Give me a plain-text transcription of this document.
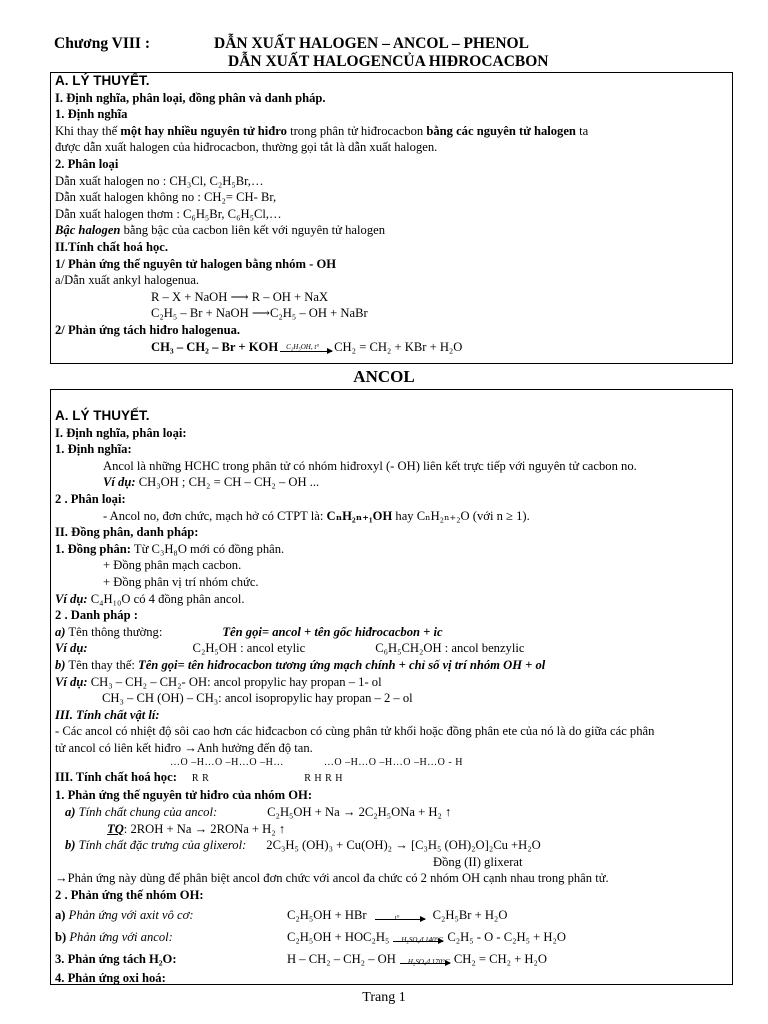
Chương VIII :	DẪN XUẤT HALOGEN – ANCOL – PHENOL
DẪN XUẤT HALOGENCỦA HIĐROCACBON
A. LÝ THUYẾT.
I. Định nghĩa, phân loại, đồng phân và danh pháp.
1. Định nghĩa
Khi thay thế một hay nhiều nguyên tử hiđro trong phân tử hiđrocacbon bằng các nguyên tử halogen ta
được dẫn xuất halogen của hiđrocacbon, thường gọi tắt là dẫn xuất halogen.
2. Phân loại
Dẫn xuất halogen no : CH₃Cl, C₂H₅Br,…
Dẫn xuất halogen không no : CH₂= CH- Br,
Dẫn xuất halogen thơm : C₆H₅Br, C₆H₅Cl,…
Bậc halogen bằng bậc của cacbon liên kết với nguyên tử halogen
II.Tính chất hoá học.
1/ Phản ứng thế nguyên tử halogen bằng nhóm - OH
a/Dẫn xuất ankyl halogenua.
R – X + NaOH ⟶ R – OH + NaX
C₂H₅ – Br + NaOH ⟶C₂H₅ – OH + NaBr
2/ Phản ứng tách hiđro halogenua.
CH₃ – CH₂ – Br + KOH C₂H₅OH, t° CH₂ = CH₂ + KBr + H₂O
ANCOL
A. LÝ THUYẾT.
I. Định nghĩa, phân loại:
1. Định nghĩa:
Ancol là những HCHC trong phân tử có nhóm hiđroxyl (- OH) liên kết trực tiếp với nguyên tử cacbon no.
Ví dụ: CH₃OH ; CH₂ = CH – CH₂ – OH ...
2 . Phân loại:
- Ancol no, đơn chức, mạch hở có CTPT là: CₙH₂ₙ₊₁OH hay CₙH₂ₙ₊₂O (với n ≥ 1).
II. Đồng phân, danh pháp:
1. Đồng phân: Từ C₃H₈O mới có đồng phân.
+ Đồng phân mạch cacbon.
+ Đồng phân vị trí nhóm chức.
Ví dụ: C₄H₁₀O có 4 đồng phân ancol.
2 . Danh pháp :
a) Tên thông thường:	Tên gọi= ancol + tên gốc hiđrocacbon + ic
Ví dụ:	C₂H₅OH : ancol etylic	C₆H₅CH₂OH : ancol benzylic
b) Tên thay thế: Tên gọi= tên hiđrocacbon tương ứng mạch chính + chỉ số vị trí nhóm OH + ol
Ví dụ: CH₃ – CH₂ – CH₂- OH: ancol propylic hay propan – 1- ol
CH₃ – CH (OH) – CH₃: ancol isopropylic hay propan – 2 – ol
III. Tính chất vật lí:
- Các ancol có nhiệt độ sôi cao hơn các hiđcacbon có cùng phân tử khối hoặc đồng phân ete của nó là do giữa các phân
tử ancol có liên kết hiđro →Anh hưởng đến độ tan.
…O –H…O –H…O –H…	…O –H…O –H…O –H…O - H
III. Tính chất hoá học: R R	R H R H
1. Phản ứng thế nguyên tử hiđro của nhóm OH:
a) Tính chất chung của ancol:	C₂H₅OH + Na → 2C₂H₅ONa + H₂ ↑
TQ: 2ROH + Na → 2RONa + H₂ ↑
b) Tính chất đặc trưng của glixerol: 2C₃H₅ (OH)₃ + Cu(OH)₂ → [C₃H₅ (OH)₂O]₂Cu +H₂O
Đồng (II) glixerat
→Phản ứng này dùng để phân biệt ancol đơn chức với ancol đa chức có 2 nhóm OH cạnh nhau trong phân tử.
2 . Phản ứng thế nhóm OH:
a) Phản ứng với axit vô cơ:	C₂H₅OH + HBr	t°	C₂H₅Br + H₂O
b) Phản ứng với ancol:	C₂H₅OH + HOC₂H₅ H₂SO₄đ 140°C C₂H₅ - O - C₂H₅ + H₂O
3. Phản ứng tách H₂O:	H – CH₂ – CH₂ – OH H₂SO₄đ 170°C CH₂ = CH₂ + H₂O
4. Phản ứng oxi hoá:
Trang 1
